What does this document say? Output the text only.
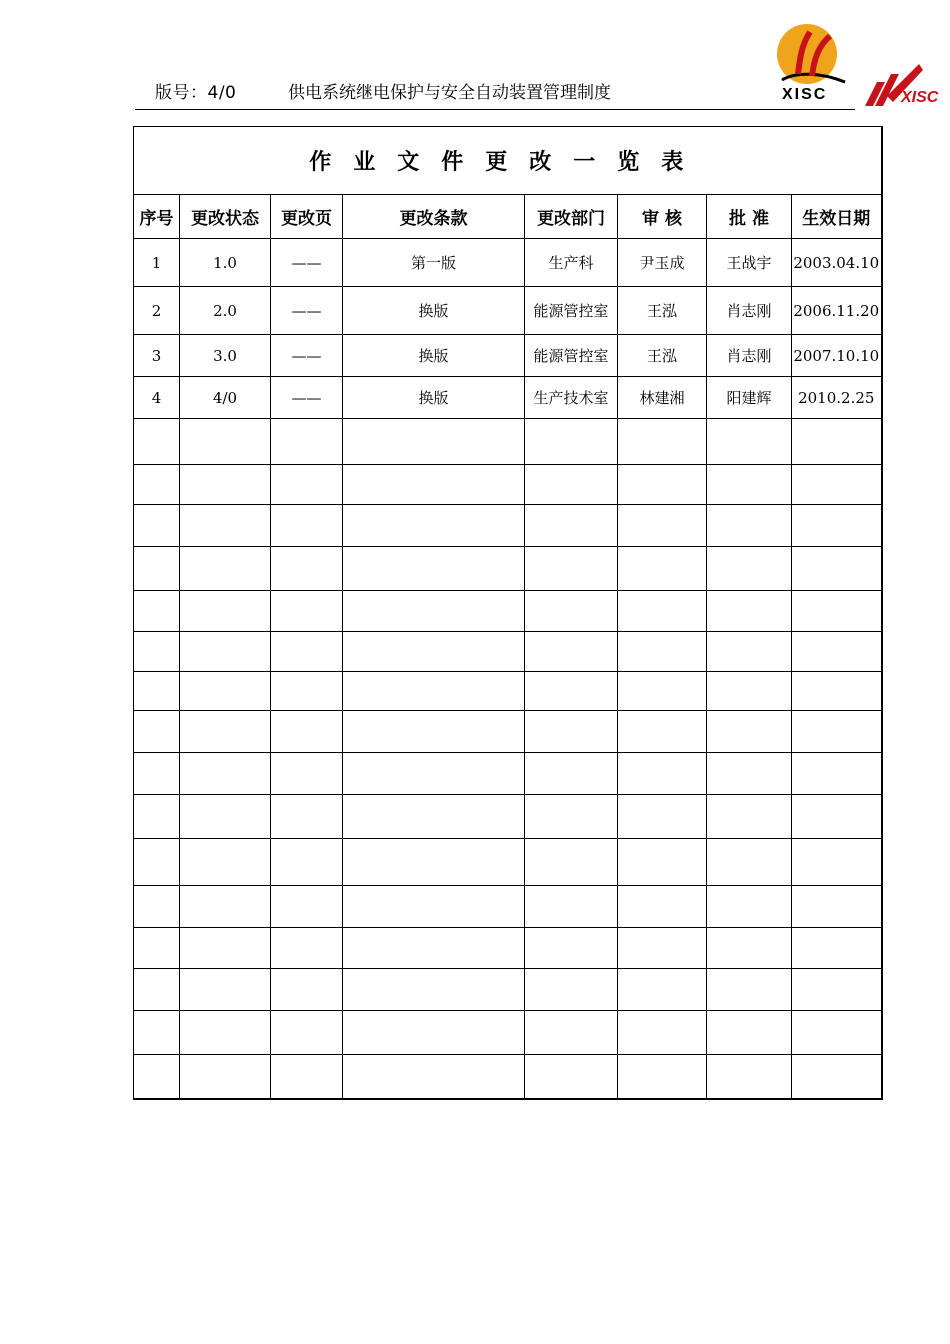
版号：4/0	供电系统继电保护与安全自动装置管理制度	XISC	XISC
作业文件更改一览表							
序号	更改状态	更改页	更改条款	更改部门	审 核	批 准	生效日期
1	1.0	——	第一版	生产科	尹玉成	王战宇	2003.04.10
2	2.0	——	换版	能源管控室	王泓	肖志刚	2006.11.20
3	3.0	——	换版	能源管控室	王泓	肖志刚	2007.10.10
4	4/0	——	换版	生产技术室	林建湘	阳建辉	2010.2.25
